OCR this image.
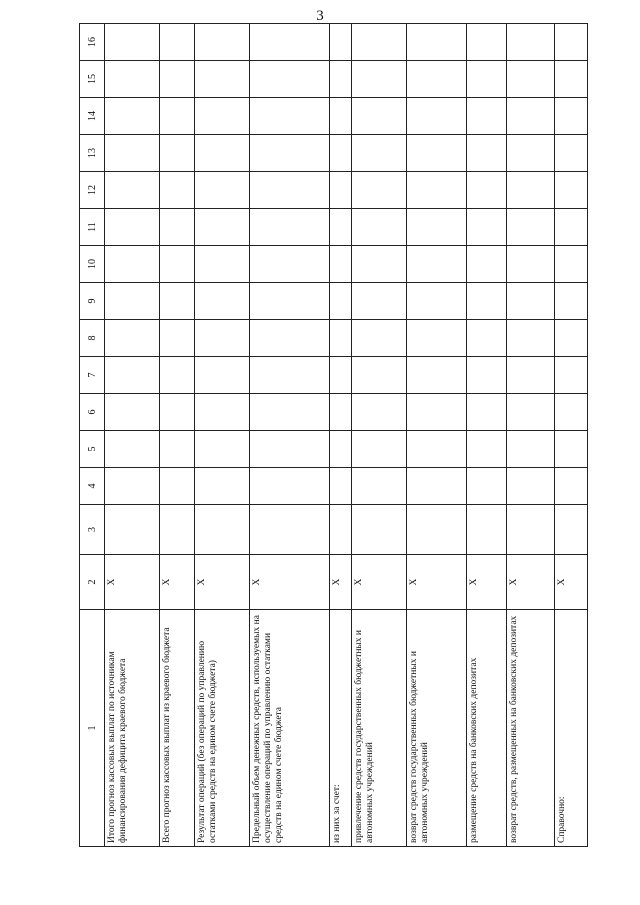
3
1	2	3	4	5	6	7	8	9	10	11	12	13	14	15	16
Итого прогноз кассовых выплат по источникам финансирования дефицита краевого бюджета	X														
Всего прогноз кассовых выплат из краевого бюджета	X														
Результат операций (без операций по управлению остатками средств на едином счете бюджета)	X														
Предельный объем денежных средств, используемых на осуществление операций по управлению остатками средств на едином счете бюджета	X														
из них за счет:	X														
привлечение средств государственных бюджетных и автономных учреждений	X														
возврат средств государственных бюджетных и автономных учреждений	X														
размещение средств на банковских депозитах	X														
возврат средств, размещенных на банковских депозитах	X														
Справочно:	X														
